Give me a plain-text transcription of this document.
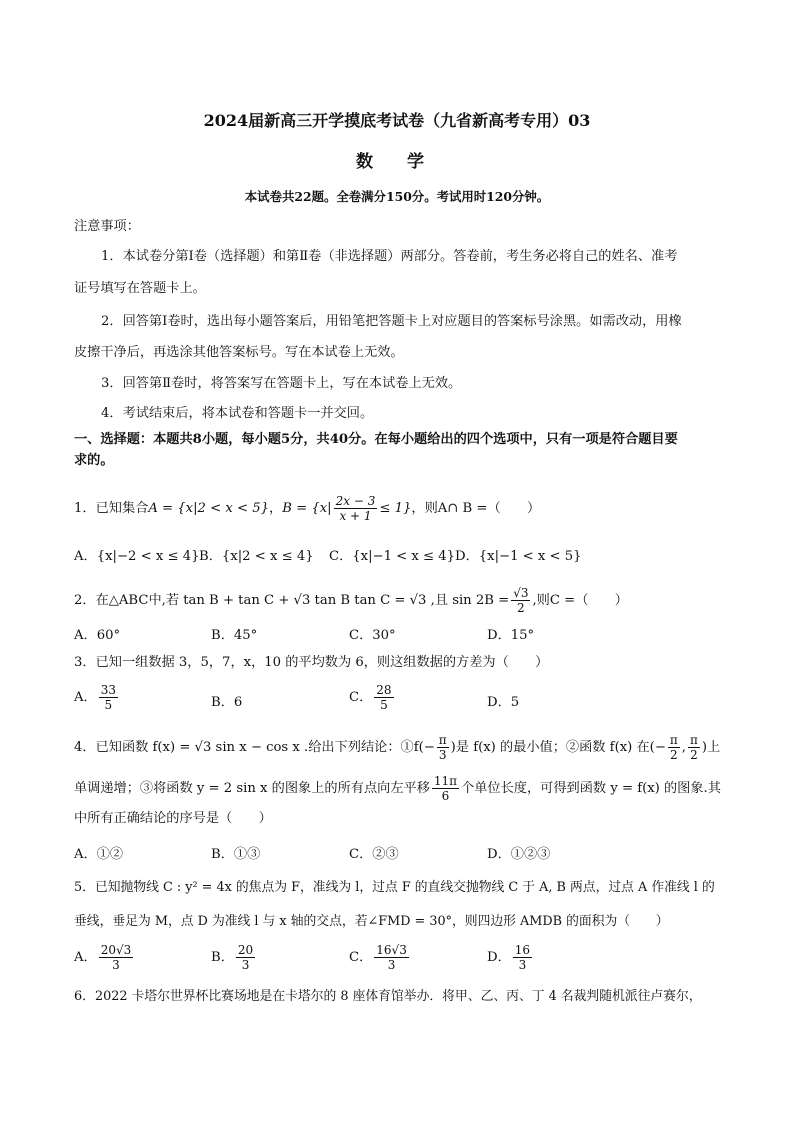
2024届新高三开学摸底考试卷（九省新高考专用）03
数 学
本试卷共22题。全卷满分150分。考试用时120分钟。
注意事项：
1．本试卷分第Ⅰ卷（选择题）和第Ⅱ卷（非选择题）两部分。答卷前，考生务必将自己的姓名、准考
证号填写在答题卡上。
2．回答第Ⅰ卷时，选出每小题答案后，用铅笔把答题卡上对应题目的答案标号涂黑。如需改动，用橡
皮擦干净后，再选涂其他答案标号。写在本试卷上无效。
3．回答第Ⅱ卷时，将答案写在答题卡上，写在本试卷上无效。
4．考试结束后，将本试卷和答题卡一并交回。
一、选择题：本题共8小题，每小题5分，共40分。在每小题给出的四个选项中，只有一项是符合题目要
求的。
1．已知集合A = {x|2 < x < 5}，$B = \{x| \frac{2x - 3}{x + 1} \le 1\}$，则A∩ B =（　　）
A．{x|−2 < x ≤ 4} B．{x|2 < x ≤ 4} C．{x|−1 < x ≤ 4} D．{x|−1 < x < 5}
2．在△ABC中,若 tan B + tan C + √3 tan B tan C = √3 ,且 $\sin 2B = \frac{√3}{2}$ ,则C =（　　）
A．60°	B．45°	C．30°	D．15°
3．已知一组数据 3，5，7，x，10 的平均数为 6，则这组数据的方差为（　　）
A． $\frac{33}{5}$	B．6	C． $\frac{28}{5}$	D．5
4．已知函数 f(x) = √3 sin x − cos x .给出下列结论：①f(− $\frac{\pi}{3}$ )是 f(x) 的最小值；②函数 f(x) 在(− $\frac{\pi}{2}$ , $\frac{\pi}{2}$ )上
单调递增；③将函数 y = 2 sin x 的图象上的所有点向左平移 $\frac{11\pi}{6}$ 个单位长度，可得到函数 y = f(x) 的图象.其
中所有正确结论的序号是（　　）
A．①②	B．①③	C．②③	D．①②③
5．已知抛物线 C : y² = 4x 的焦点为 F，准线为 l，过点 F 的直线交抛物线 C 于 A, B 两点，过点 A 作准线 l 的
垂线，垂足为 M，点 D 为准线 l 与 x 轴的交点，若∠FMD = 30°，则四边形 AMDB 的面积为（　　）
A． $\frac{20√3}{3}$	B． $\frac{20}{3}$	C． $\frac{16√3}{3}$	D． $\frac{16}{3}$
6．2022 卡塔尔世界杯比赛场地是在卡塔尔的 8 座体育馆举办．将甲、乙、丙、丁 4 名裁判随机派往卢赛尔，
